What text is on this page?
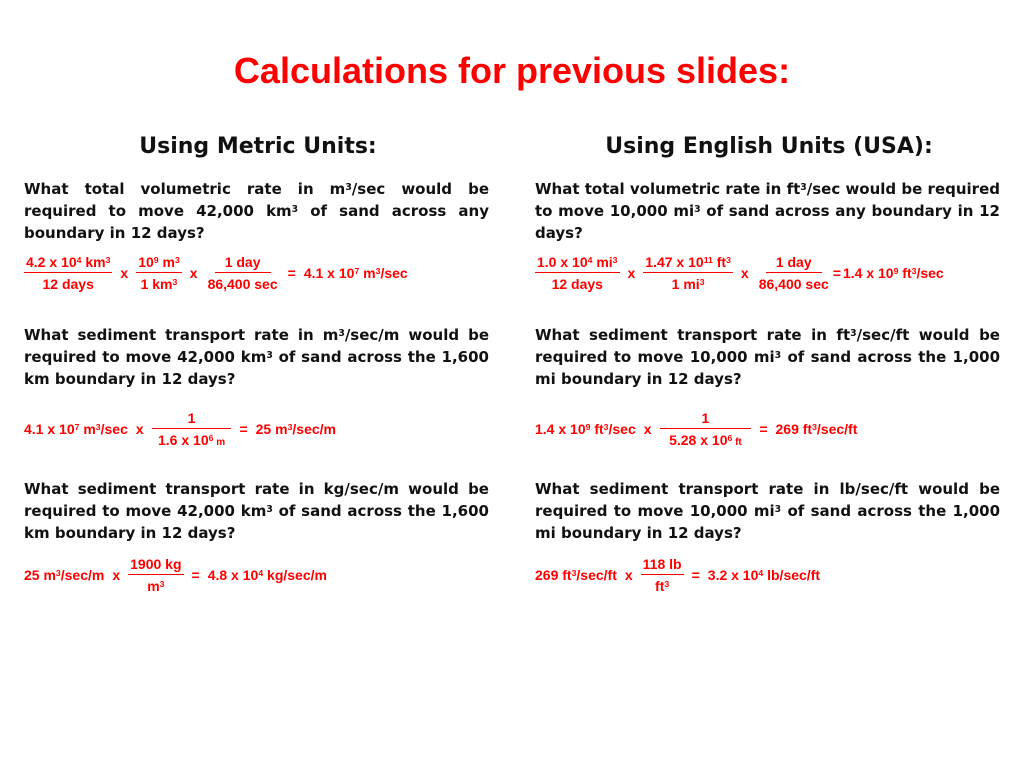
Calculations for previous slides:
Using Metric Units:
What total volumetric rate in $m^3/\sec$ would be required to move 42,000 $km^3$ of sand across any boundary in 12 days?
$\frac{4.2 x 10^4 km^3}{\text{12 days}}$ x $\frac{10^9 m^3}{1 km^3}$ x $\frac{\text{1 day}}{86,400 \sec} = 4.1$ x $10^7$ $m^3/\sec$
What sediment transport rate in $m^3/\sec/m$ would be required to move 42,000 $km^3$ of sand across the 1,600 km boundary in 12 days?
4.1 x $10^7$ $m^3/\sec$ x $\frac{1}{1.6 x 10^6 m} = 25$ $m^3/\sec/m$
What sediment transport rate in kg/sec/m would be required to move 42,000 $km^3$ of sand across the 1,600 km boundary in 12 days?
25 $m^3/\sec/m$ x $\frac{1900 kg}{m^3} = 4.8$ x $10^4$ kg/sec/m
Using English Units (USA):
What total volumetric rate in $ft^3/\sec$ would be required to move 10,000 $mi^3$ of sand across any boundary in 12 days?
$\frac{1.0 x 10^4 mi^3}{\text{12 days}}$ x $\frac{1.47 x 10^{11} ft^3}{1 mi^3}$ x $\frac{\text{1 day}}{86,400 \sec} = 1.4$ x $10^9$ $ft^3/\sec$
What sediment transport rate in $ft^3/\sec/ft$ would be required to move 10,000 $mi^3$ of sand across the 1,000 mi boundary in 12 days?
1.4 x $10^9$ $ft^3/\sec$ x $\frac{1}{5.28 x 10^6 ft} = 269$ $ft^3/\sec/ft$
What sediment transport rate in lb/sec/ft would be required to move 10,000 $mi^3$ of sand across the 1,000 mi boundary in 12 days?
269 $ft^3/\sec/ft$ x $\frac{118 lb}{ft^3} = 3.2$ x $10^4$ lb/sec/ft
